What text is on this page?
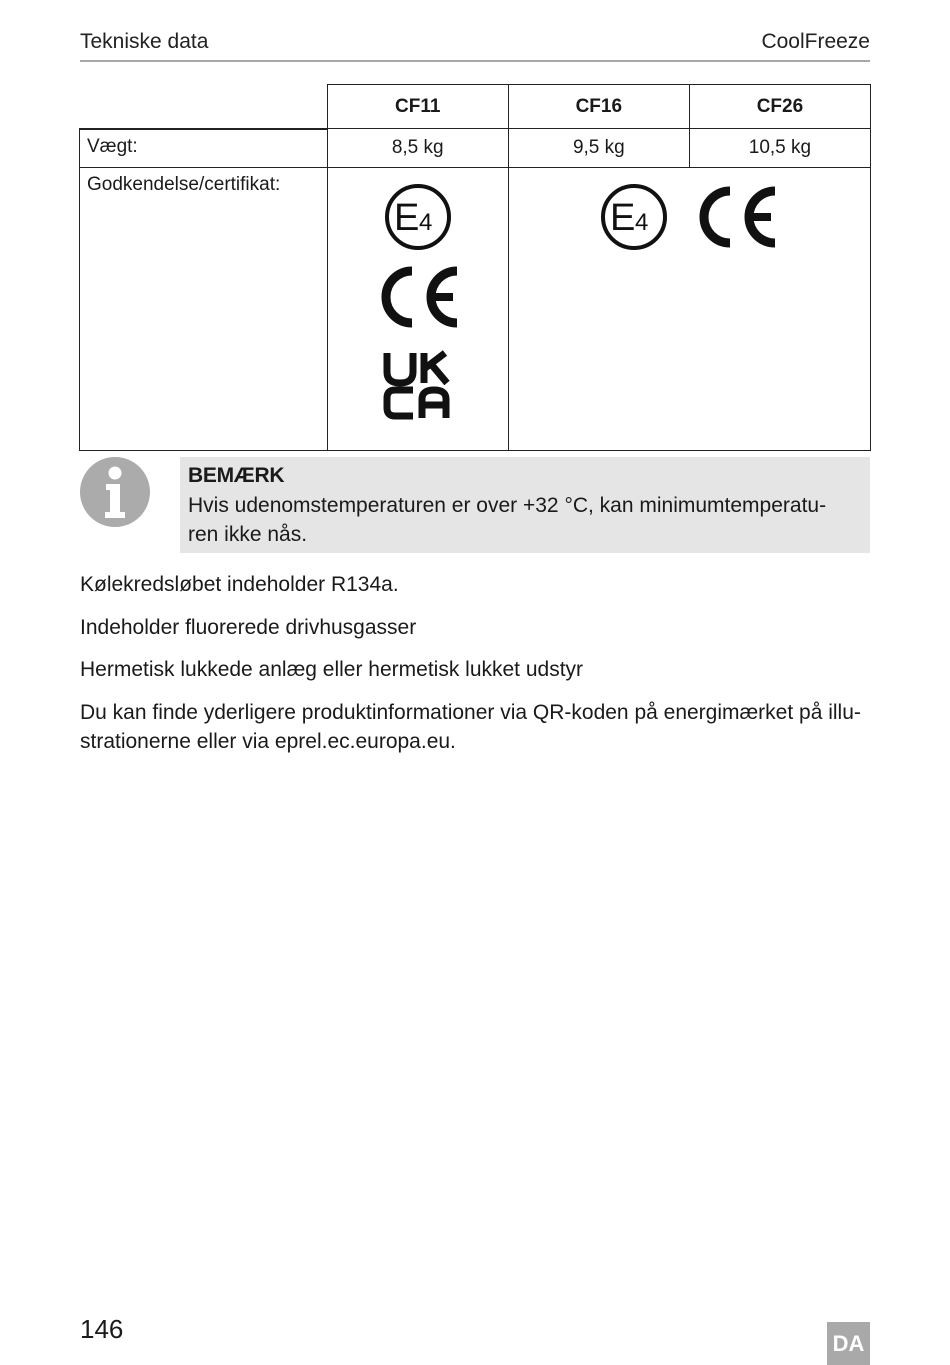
Tekniske data	CoolFreeze
	CF11	CF16	CF26
Vægt:	8,5 kg	9,5 kg	10,5 kg
Godkendelse/certifikat:	E 4	E 4	
BEMÆRK
Hvis udenomstemperaturen er over +32 °C, kan minimumtemperatu-
ren ikke nås.
Kølekredsløbet indeholder R134a.
Indeholder fluorerede drivhusgasser
Hermetisk lukkede anlæg eller hermetisk lukket udstyr
Du kan finde yderligere produktinformationer via QR-koden på energimærket på illu-
strationerne eller via eprel.ec.europa.eu.
146	DA
